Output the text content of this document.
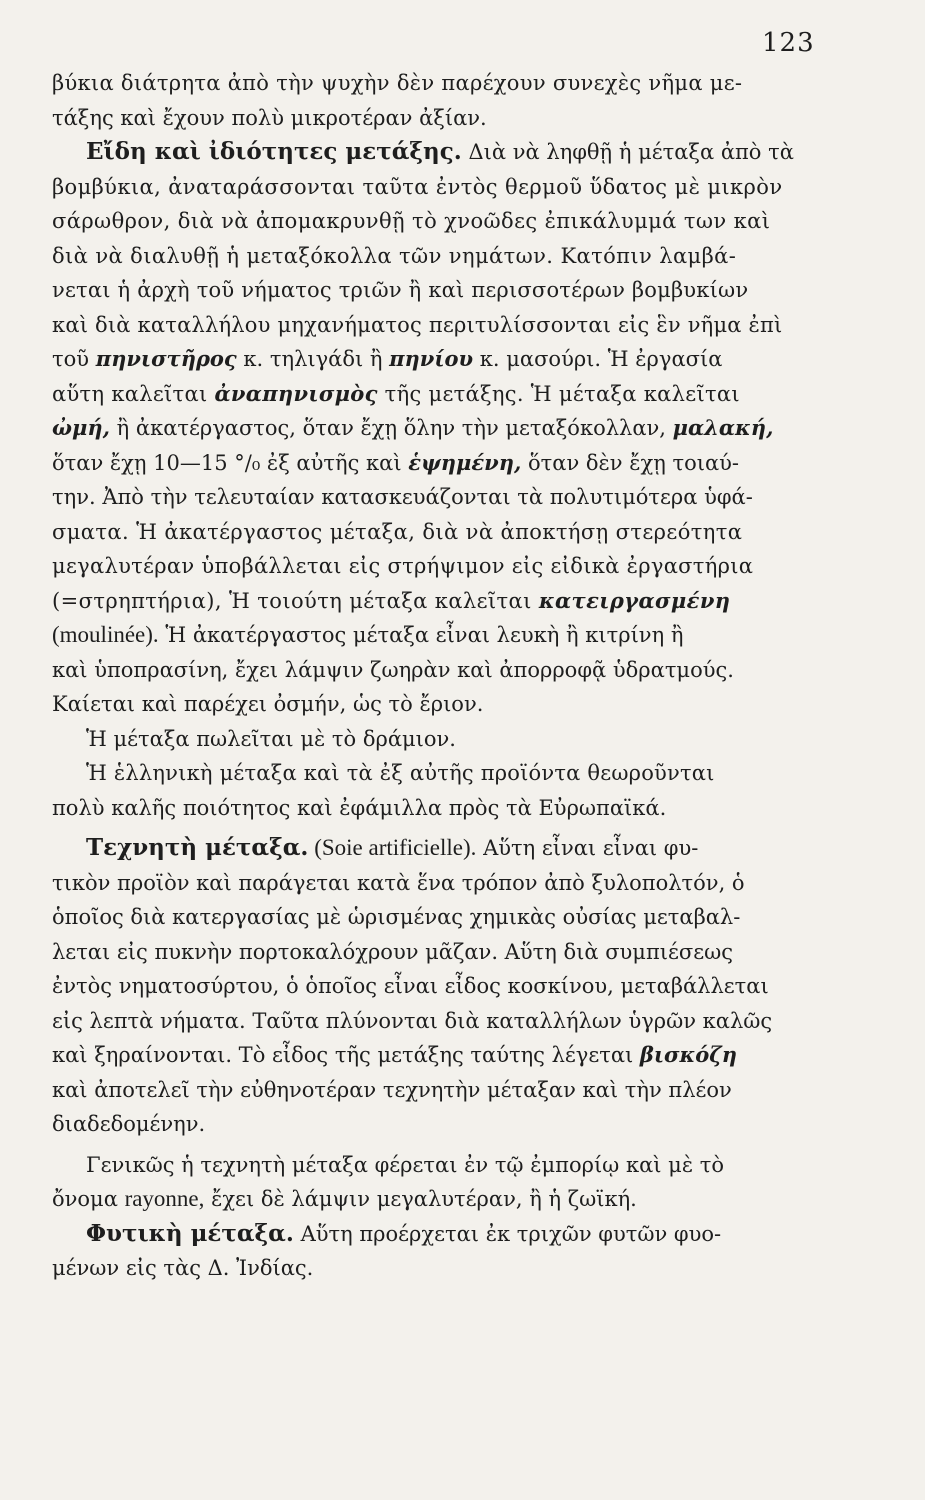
123
βύκια διάτρητα ἀπὸ τὴν ψυχὴν δὲν παρέχουν συνεχὲς νῆμα με-
τάξης καὶ ἔχουν πολὺ μικροτέραν ἀξίαν.
Εἴδη καὶ ἰδιότητες μετάξης. Διὰ νὰ ληφθῇ ἡ μέταξα ἀπὸ τὰ
βομβύκια, ἀναταράσσονται ταῦτα ἐντὸς θερμοῦ ὕδατος μὲ μικρὸν
σάρωθρον, διὰ νὰ ἀπομακρυνθῇ τὸ χνοῶδες ἐπικάλυμμά των καὶ
διὰ νὰ διαλυθῇ ἡ μεταξόκολλα τῶν νημάτων. Κατόπιν λαμβά-
νεται ἡ ἀρχὴ τοῦ νήματος τριῶν ἢ καὶ περισσοτέρων βομβυκίων
καὶ διὰ καταλλήλου μηχανήματος περιτυλίσσονται εἰς ἓν νῆμα ἐπὶ
τοῦ πηνιστῆρος κ. τηλιγάδι ἢ πηνίου κ. μασούρι. Ἡ ἐργασία
αὕτη καλεῖται ἀναπηνισμὸς τῆς μετάξης. Ἡ μέταξα καλεῖται
ὠμή, ἢ ἀκατέργαστος, ὅταν ἔχῃ ὅλην τὴν μεταξόκολλαν, μαλακή,
ὅταν ἔχῃ 10—15 °/₀ ἐξ αὐτῆς καὶ ἑψημένη, ὅταν δὲν ἔχῃ τοιαύ-
την. Ἀπὸ τὴν τελευταίαν κατασκευάζονται τὰ πολυτιμότερα ὑφά-
σματα. Ἡ ἀκατέργαστος μέταξα, διὰ νὰ ἀποκτήσῃ στερεότητα
μεγαλυτέραν ὑποβάλλεται εἰς στρήψιμον εἰς εἰδικὰ ἐργαστήρια
(=στρηπτήρια), Ἡ τοιούτη μέταξα καλεῖται κατειργασμένη
(moulinée). Ἡ ἀκατέργαστος μέταξα εἶναι λευκὴ ἢ κιτρίνη ἢ
καὶ ὑποπρασίνη, ἔχει λάμψιν ζωηρὰν καὶ ἀπορροφᾷ ὑδρατμούς.
Καίεται καὶ παρέχει ὀσμήν, ὡς τὸ ἔριον.
Ἡ μέταξα πωλεῖται μὲ τὸ δράμιον.
Ἡ ἑλληνικὴ μέταξα καὶ τὰ ἐξ αὐτῆς προϊόντα θεωροῦνται
πολὺ καλῆς ποιότητος καὶ ἐφάμιλλα πρὸς τὰ Εὐρωπαϊκά.
Τεχνητὴ μέταξα. (Soie artificielle). Αὕτη εἶναι εἶναι φυ-
τικὸν προϊὸν καὶ παράγεται κατὰ ἕνα τρόπον ἀπὸ ξυλοπολτόν, ὁ
ὁποῖος διὰ κατεργασίας μὲ ὡρισμένας χημικὰς οὐσίας μεταβαλ-
λεται εἰς πυκνὴν πορτοκαλόχρουν μᾶζαν. Αὕτη διὰ συμπιέσεως
ἐντὸς νηματοσύρτου, ὁ ὁποῖος εἶναι εἶδος κοσκίνου, μεταβάλλεται
εἰς λεπτὰ νήματα. Ταῦτα πλύνονται διὰ καταλλήλων ὑγρῶν καλῶς
καὶ ξηραίνονται. Τὸ εἶδος τῆς μετάξης ταύτης λέγεται βισκόζη
καὶ ἀποτελεῖ τὴν εὐθηνοτέραν τεχνητὴν μέταξαν καὶ τὴν πλέον
διαδεδομένην.
Γενικῶς ἡ τεχνητὴ μέταξα φέρεται ἐν τῷ ἐμπορίῳ καὶ μὲ τὸ
ὄνομα rayonne, ἔχει δὲ λάμψιν μεγαλυτέραν, ἢ ἡ ζωϊκή.
Φυτικὴ μέταξα. Αὕτη προέρχεται ἐκ τριχῶν φυτῶν φυο-
μένων εἰς τὰς Δ. Ἰνδίας.
